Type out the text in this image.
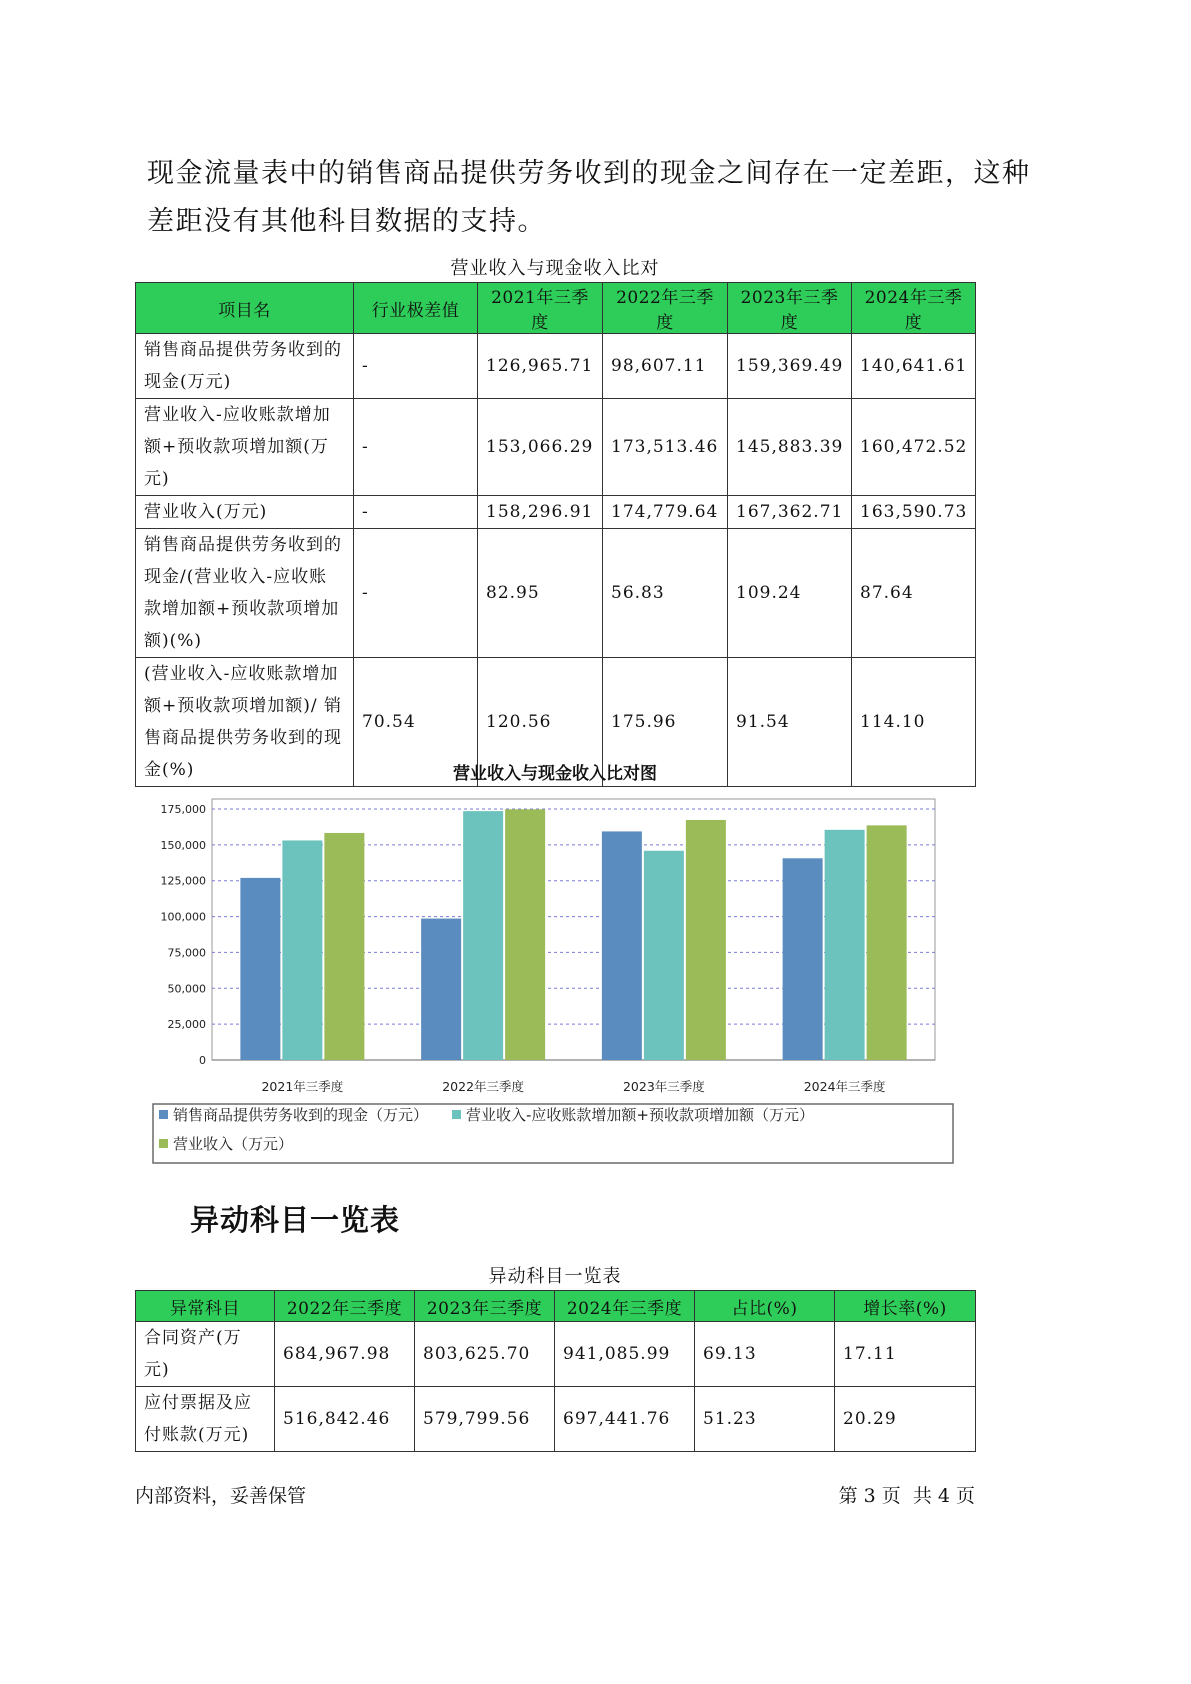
现金流量表中的销售商品提供劳务收到的现金之间存在一定差距，这种差距没有其他科目数据的支持。
营业收入与现金收入比对
项目名	行业极差值	2021年三季度	2022年三季度	2023年三季度	2024年三季度
销售商品提供劳务收到的现金(万元)	-	126,965.71	98,607.11	159,369.49	140,641.61
营业收入-应收账款增加额+预收款项增加额(万元)	-	153,066.29	173,513.46	145,883.39	160,472.52
营业收入(万元)	-	158,296.91	174,779.64	167,362.71	163,590.73
销售商品提供劳务收到的现金/(营业收入-应收账款增加额+预收款项增加额)(%)	-	82.95	56.83	109.24	87.64
(营业收入-应收账款增加额+预收款项增加额)/ 销售商品提供劳务收到的现金(%)	70.54	120.56	175.96	91.54	114.10
营业收入与现金收入比对图
0
25,000
50,000
75,000
100,000
125,000
150,000
175,000
2021年三季度	2022年三季度	2023年三季度	2024年三季度
销售商品提供劳务收到的现金（万元）	营业收入-应收账款增加额+预收款项增加额（万元）
营业收入（万元）
异动科目一览表
异动科目一览表
异常科目	2022年三季度	2023年三季度	2024年三季度	占比(%)	增长率(%)
合同资产(万元)	684,967.98	803,625.70	941,085.99	69.13	17.11
应付票据及应付账款(万元)	516,842.46	579,799.56	697,441.76	51.23	20.29
内部资料，妥善保管	第 3 页  共 4 页
